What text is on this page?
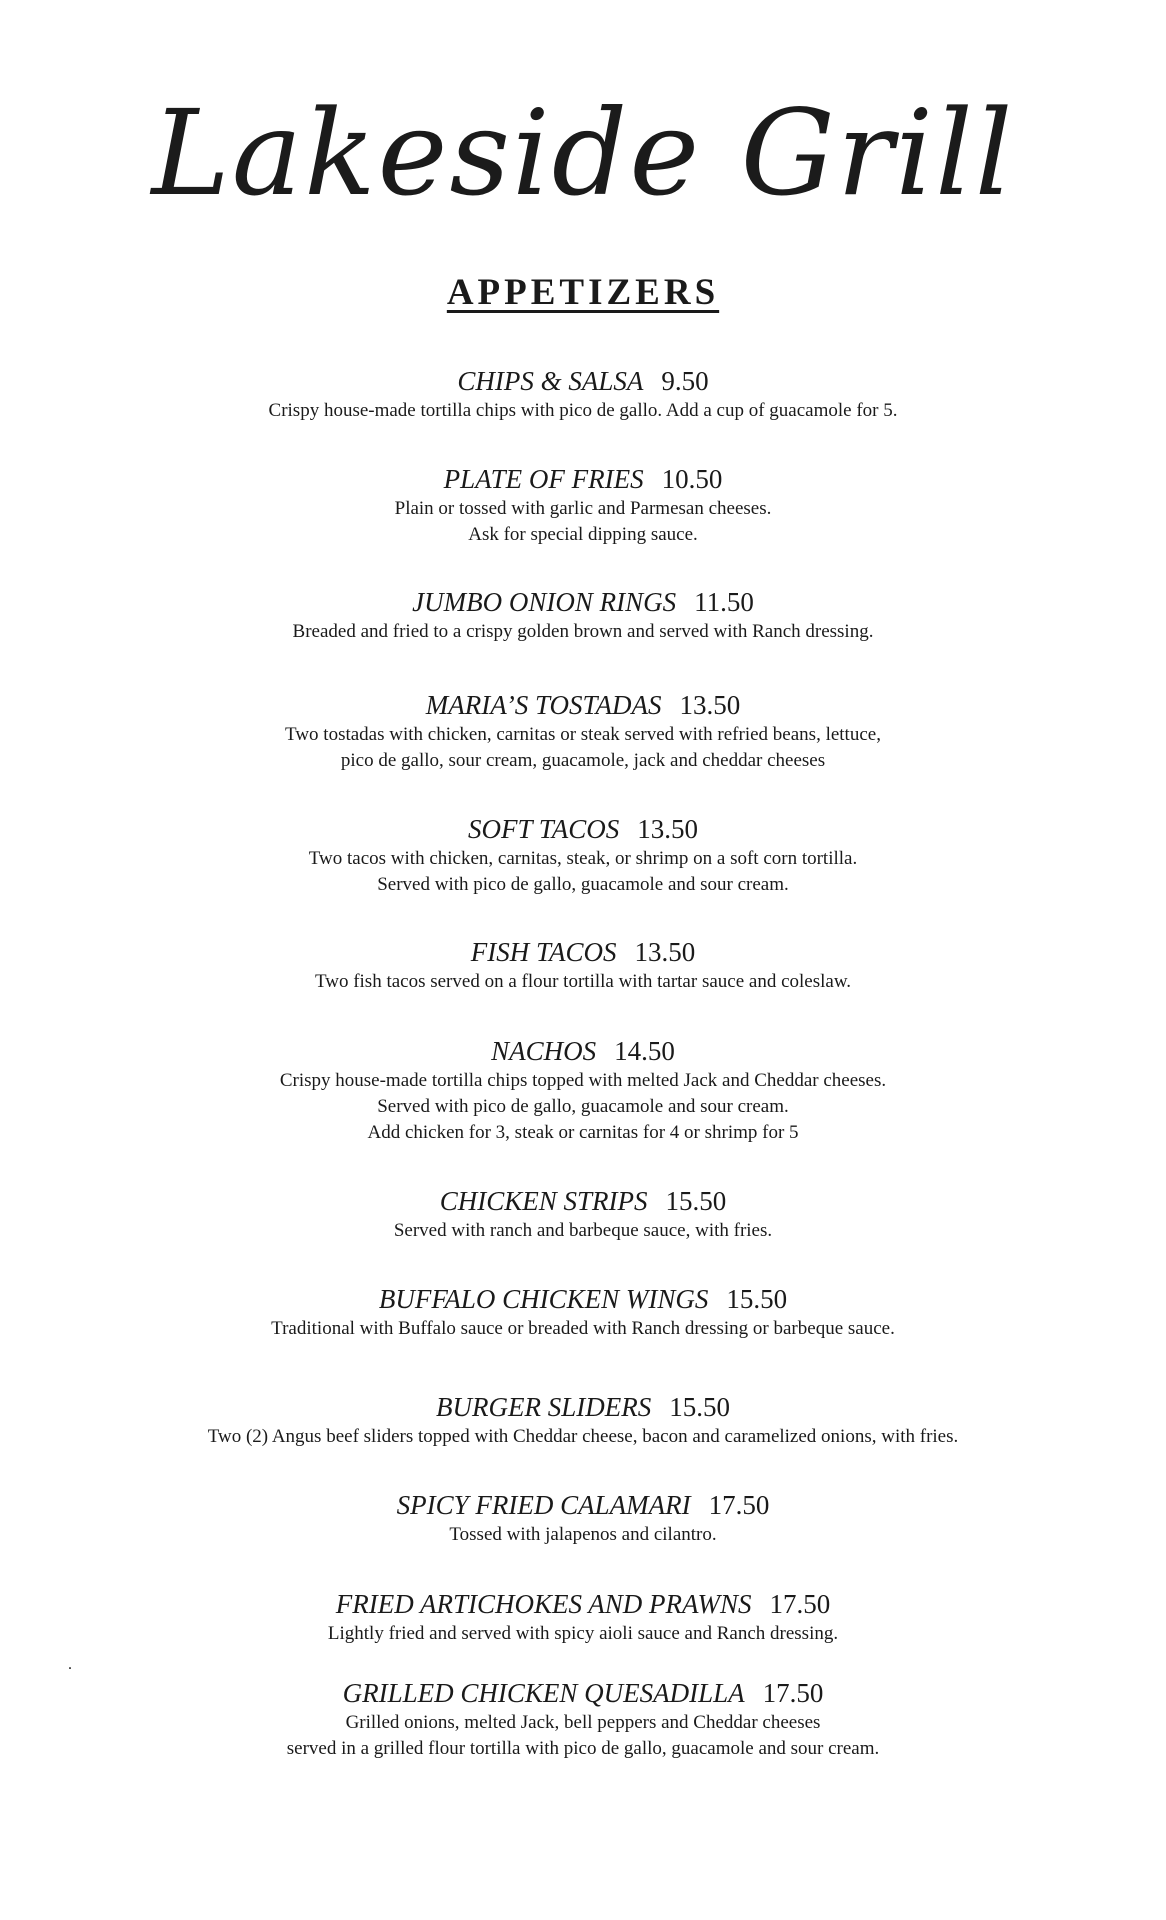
Lakeside Grill
APPETIZERS
CHIPS & SALSA 9.50
Crispy house-made tortilla chips with pico de gallo. Add a cup of guacamole for 5.
PLATE OF FRIES 10.50
Plain or tossed with garlic and Parmesan cheeses.
Ask for special dipping sauce.
JUMBO ONION RINGS 11.50
Breaded and fried to a crispy golden brown and served with Ranch dressing.
MARIA’S TOSTADAS 13.50
Two tostadas with chicken, carnitas or steak served with refried beans, lettuce,
pico de gallo, sour cream, guacamole, jack and cheddar cheeses
SOFT TACOS 13.50
Two tacos with chicken, carnitas, steak, or shrimp on a soft corn tortilla.
Served with pico de gallo, guacamole and sour cream.
FISH TACOS 13.50
Two fish tacos served on a flour tortilla with tartar sauce and coleslaw.
NACHOS 14.50
Crispy house-made tortilla chips topped with melted Jack and Cheddar cheeses.
Served with pico de gallo, guacamole and sour cream.
Add chicken for 3, steak or carnitas for 4 or shrimp for 5
CHICKEN STRIPS 15.50
Served with ranch and barbeque sauce, with fries.
BUFFALO CHICKEN WINGS 15.50
Traditional with Buffalo sauce or breaded with Ranch dressing or barbeque sauce.
BURGER SLIDERS 15.50
Two (2) Angus beef sliders topped with Cheddar cheese, bacon and caramelized onions, with fries.
SPICY FRIED CALAMARI 17.50
Tossed with jalapenos and cilantro.
FRIED ARTICHOKES AND PRAWNS 17.50
Lightly fried and served with spicy aioli sauce and Ranch dressing.
GRILLED CHICKEN QUESADILLA 17.50
Grilled onions, melted Jack, bell peppers and Cheddar cheeses
served in a grilled flour tortilla with pico de gallo, guacamole and sour cream.
.
